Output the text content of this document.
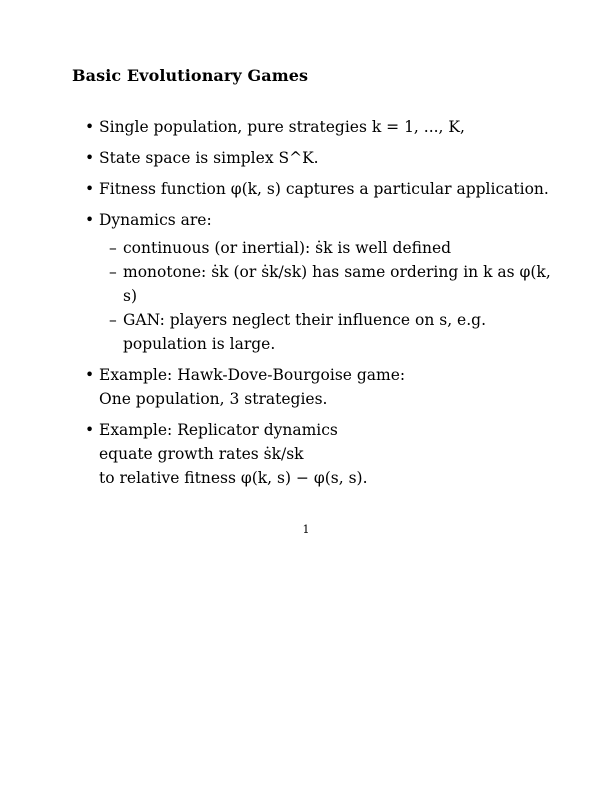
Basic Evolutionary Games
• Single population, pure strategies k = 1, ..., K,
• State space is simplex S^K.
• Fitness function φ(k, s) captures a particular application.
• Dynamics are:
– continuous (or inertial): ṡk is well defined
– monotone: ṡk (or ṡk/sk) has same ordering in k as φ(k, s)
– GAN: players neglect their influence on s, e.g. population is large.
• Example: Hawk-Dove-Bourgoise game:
One population, 3 strategies.
• Example: Replicator dynamics
equate growth rates ṡk/sk
to relative fitness φ(k, s) − φ(s, s).
1
